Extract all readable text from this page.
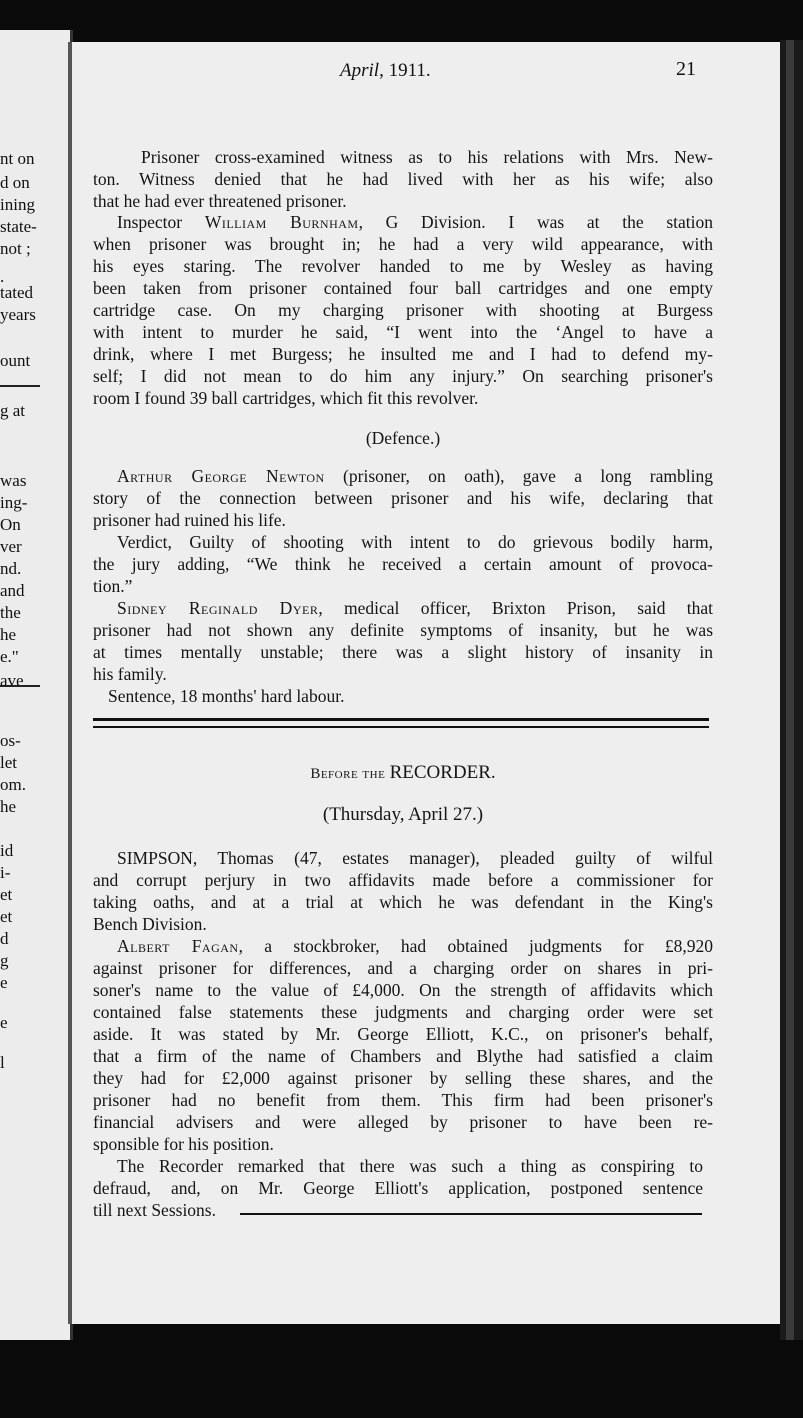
nt on
d on
ining
state-
not ;
.
tated
years
ount
g at
was
ing-
On
ver
nd.
and
the
he
e."
ave
os-
let
om.
he
id
i-
et
et
d
g
e
e
l
April, 1911.	21
Prisoner cross-examined witness as to his relations with Mrs. New-
ton. Witness denied that he had lived with her as his wife; also
that he had ever threatened prisoner.
Inspector William Burnham, G Division. I was at the station
when prisoner was brought in; he had a very wild appearance, with
his eyes staring. The revolver handed to me by Wesley as having
been taken from prisoner contained four ball cartridges and one empty
cartridge case. On my charging prisoner with shooting at Burgess
with intent to murder he said, “I went into the ‘Angel to have a
drink, where I met Burgess; he insulted me and I had to defend my-
self; I did not mean to do him any injury.” On searching prisoner's
room I found 39 ball cartridges, which fit this revolver.
(Defence.)
Arthur George Newton (prisoner, on oath), gave a long rambling
story of the connection between prisoner and his wife, declaring that
prisoner had ruined his life.
Verdict, Guilty of shooting with intent to do grievous bodily harm,
the jury adding, “We think he received a certain amount of provoca-
tion.”
Sidney Reginald Dyer, medical officer, Brixton Prison, said that
prisoner had not shown any definite symptoms of insanity, but he was
at times mentally unstable; there was a slight history of insanity in
his family.
Sentence, 18 months' hard labour.
Before the RECORDER.
(Thursday, April 27.)
SIMPSON, Thomas (47, estates manager), pleaded guilty of wilful
and corrupt perjury in two affidavits made before a commissioner for
taking oaths, and at a trial at which he was defendant in the King's
Bench Division.
Albert Fagan, a stockbroker, had obtained judgments for £8,920
against prisoner for differences, and a charging order on shares in pri-
soner's name to the value of £4,000. On the strength of affidavits which
contained false statements these judgments and charging order were set
aside. It was stated by Mr. George Elliott, K.C., on prisoner's behalf,
that a firm of the name of Chambers and Blythe had satisfied a claim
they had for £2,000 against prisoner by selling these shares, and the
prisoner had no benefit from them. This firm had been prisoner's
financial advisers and were alleged by prisoner to have been re-
sponsible for his position.
The Recorder remarked that there was such a thing as conspiring to
defraud, and, on Mr. George Elliott's application, postponed sentence
till next Sessions.
